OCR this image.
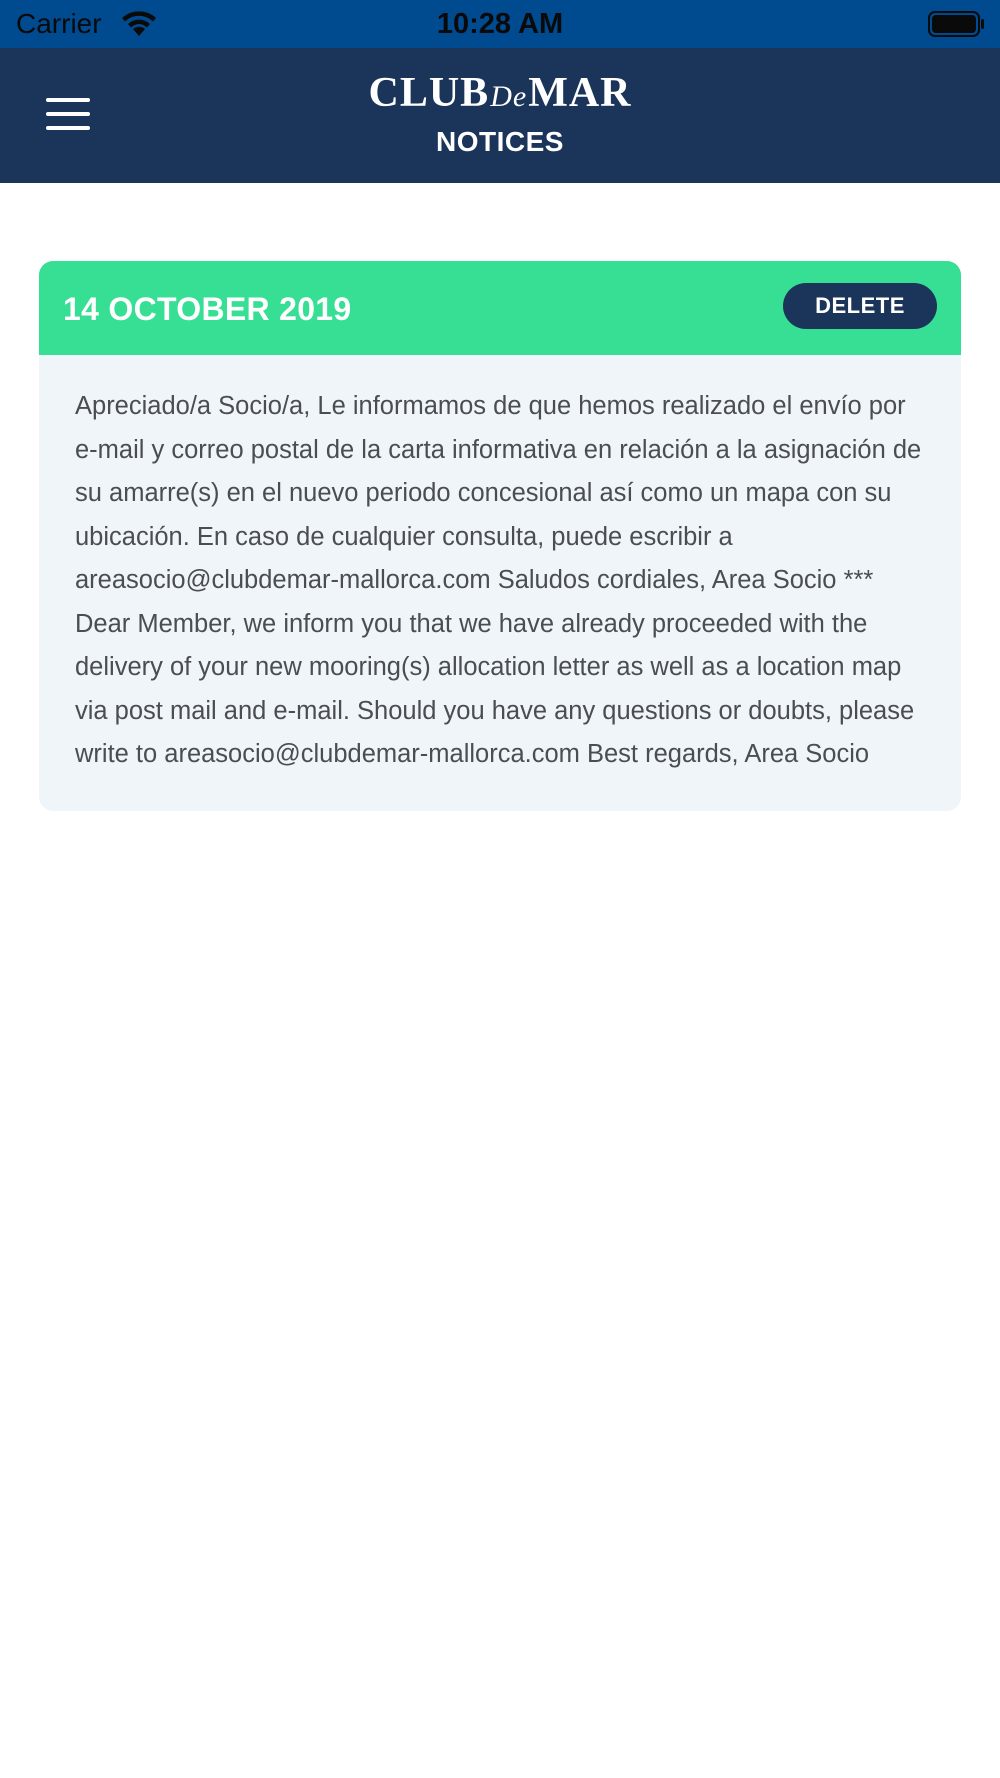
Carrier	10:28 AM
CLUBDeMAR
NOTICES
14 OCTOBER 2019	DELETE
Apreciado/a Socio/a, Le informamos de que hemos realizado el envío por e-mail y correo postal de la carta informativa en relación a la asignación de su amarre(s) en el nuevo periodo concesional así como un mapa con su ubicación. En caso de cualquier consulta, puede escribir a areasocio@clubdemar-mallorca.com Saludos cordiales, Area Socio *** Dear Member, we inform you that we have already proceeded with the delivery of your new mooring(s) allocation letter as well as a location map via post mail and e-mail. Should you have any questions or doubts, please write to areasocio@clubdemar-mallorca.com Best regards, Area Socio
